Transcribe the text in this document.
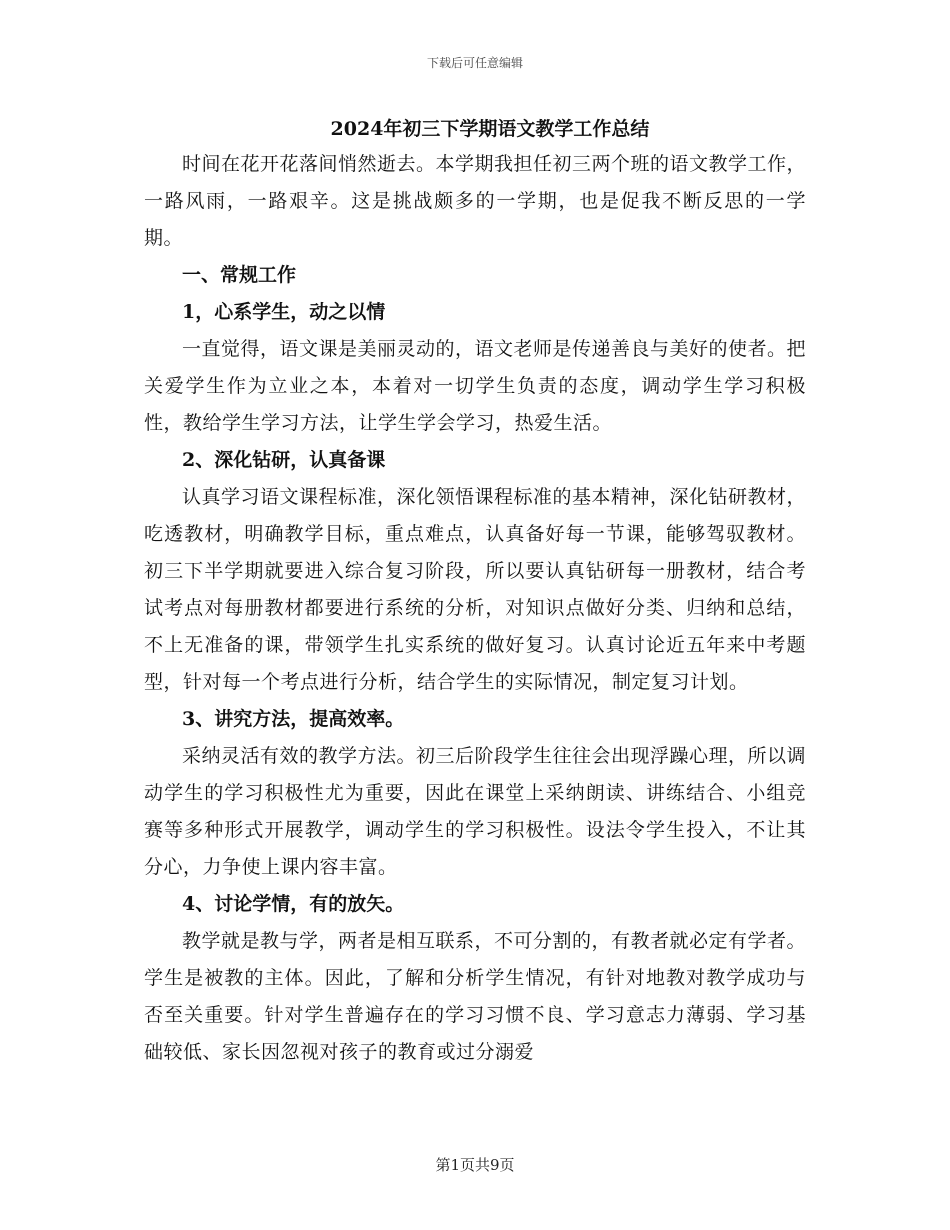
下载后可任意编辑
2024年初三下学期语文教学工作总结

时间在花开花落间悄然逝去。本学期我担任初三两个班的语文教学工作，一路风雨，一路艰辛。这是挑战颇多的一学期，也是促我不断反思的一学期。

一、常规工作

1，心系学生，动之以情

一直觉得，语文课是美丽灵动的，语文老师是传递善良与美好的使者。把关爱学生作为立业之本，本着对一切学生负责的态度，调动学生学习积极性，教给学生学习方法，让学生学会学习，热爱生活。

2、深化钻研，认真备课

认真学习语文课程标准，深化领悟课程标准的基本精神，深化钻研教材，吃透教材，明确教学目标，重点难点，认真备好每一节课，能够驾驭教材。初三下半学期就要进入综合复习阶段，所以要认真钻研每一册教材，结合考试考点对每册教材都要进行系统的分析，对知识点做好分类、归纳和总结，不上无准备的课，带领学生扎实系统的做好复习。认真讨论近五年来中考题型，针对每一个考点进行分析，结合学生的实际情况，制定复习计划。

3、讲究方法，提高效率。

采纳灵活有效的教学方法。初三后阶段学生往往会出现浮躁心理，所以调动学生的学习积极性尤为重要，因此在课堂上采纳朗读、讲练结合、小组竞赛等多种形式开展教学，调动学生的学习积极性。设法令学生投入，不让其分心，力争使上课内容丰富。

4、讨论学情，有的放矢。

教学就是教与学，两者是相互联系，不可分割的，有教者就必定有学者。学生是被教的主体。因此，了解和分析学生情况，有针对地教对教学成功与否至关重要。针对学生普遍存在的学习习惯不良、学习意志力薄弱、学习基础较低、家长因忽视对孩子的教育或过分溺爱

第1页共9页
